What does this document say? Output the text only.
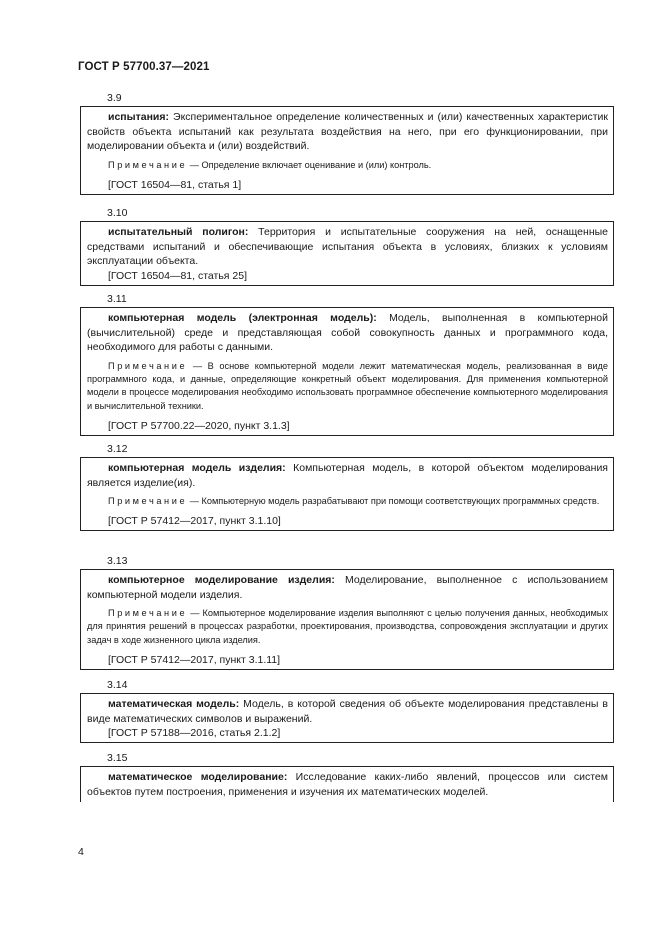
ГОСТ Р 57700.37—2021
3.9

испытания: Экспериментальное определение количественных и (или) качественных характеристик свойств объекта испытаний как результата воздействия на него, при его функционировании, при моделировании объекта и (или) воздействий.

Примечание — Определение включает оценивание и (или) контроль.

[ГОСТ 16504—81, статья 1]
3.10

испытательный полигон: Территория и испытательные сооружения на ней, оснащенные средствами испытаний и обеспечивающие испытания объекта в условиях, близких к условиям эксплуатации объекта.

[ГОСТ 16504—81, статья 25]
3.11

компьютерная модель (электронная модель): Модель, выполненная в компьютерной (вычислительной) среде и представляющая собой совокупность данных и программного кода, необходимого для работы с данными.

Примечание — В основе компьютерной модели лежит математическая модель, реализованная в виде программного кода, и данные, определяющие конкретный объект моделирования. Для применения компьютерной модели в процессе моделирования необходимо использовать программное обеспечение компьютерного моделирования и вычислительной техники.

[ГОСТ Р 57700.22—2020, пункт 3.1.3]
3.12

компьютерная модель изделия: Компьютерная модель, в которой объектом моделирования является изделие(ия).

Примечание — Компьютерную модель разрабатывают при помощи соответствующих программных средств.

[ГОСТ Р 57412—2017, пункт 3.1.10]
3.13

компьютерное моделирование изделия: Моделирование, выполненное с использованием компьютерной модели изделия.

Примечание — Компьютерное моделирование изделия выполняют с целью получения данных, необходимых для принятия решений в процессах разработки, проектирования, производства, сопровождения эксплуатации и других задач в ходе жизненного цикла изделия.

[ГОСТ Р 57412—2017, пункт 3.1.11]
3.14

математическая модель: Модель, в которой сведения об объекте моделирования представлены в виде математических символов и выражений.

[ГОСТ Р 57188—2016, статья 2.1.2]
3.15

математическое моделирование: Исследование каких-либо явлений, процессов или систем объектов путем построения, применения и изучения их математических моделей.

4
